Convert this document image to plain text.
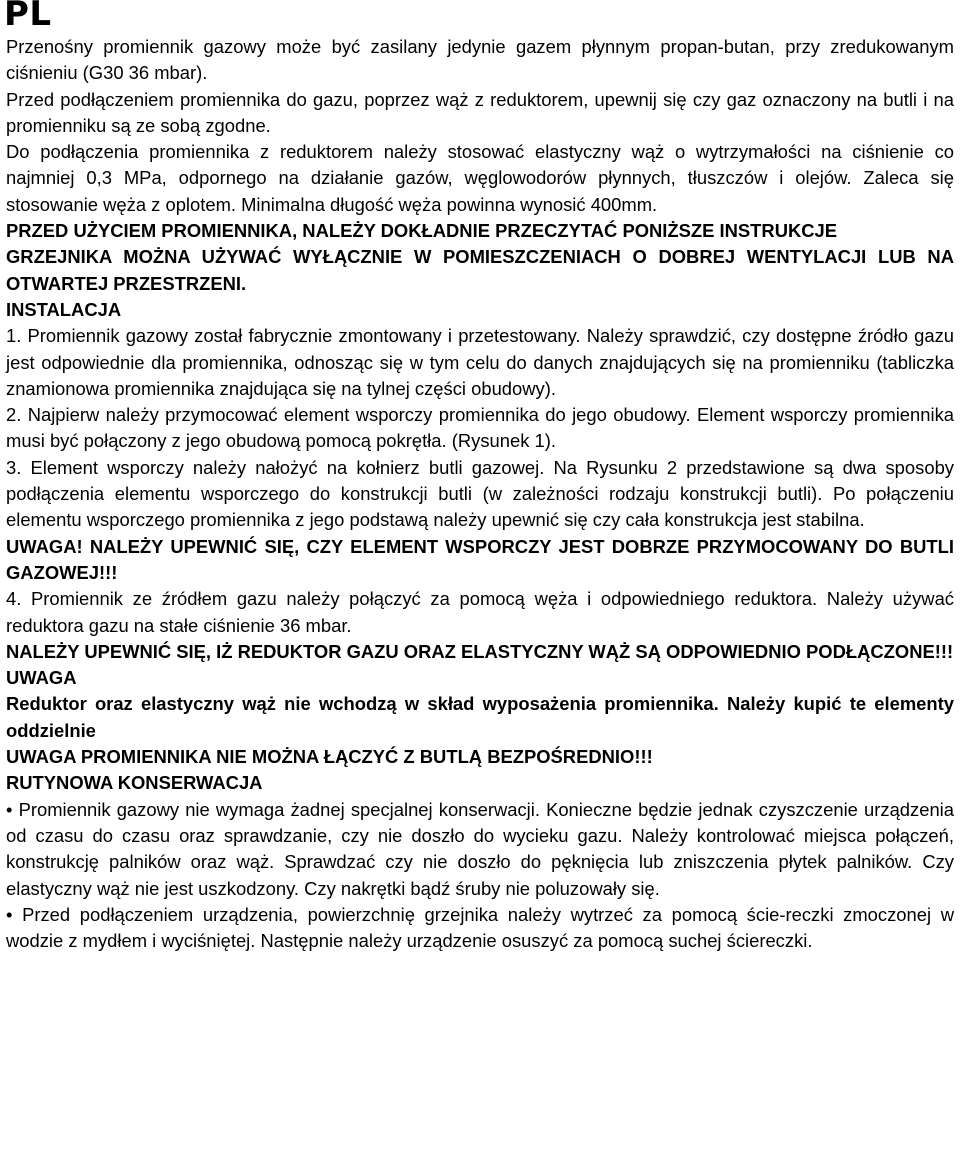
PL

Przenośny promiennik gazowy może być zasilany jedynie gazem płynnym propan-butan, przy zredukowanym ciśnieniu (G30 36 mbar).

Przed podłączeniem promiennika do gazu, poprzez wąż z reduktorem, upewnij się czy gaz oznaczony na butli i na promienniku są ze sobą zgodne.

Do podłączenia promiennika z reduktorem należy stosować elastyczny wąż o wytrzymałości na ciśnienie co najmniej 0,3 MPa, odpornego na działanie gazów, węglowodorów płynnych, tłuszczów i olejów. Zaleca się stosowanie węża z oplotem. Minimalna długość węża powinna wynosić 400mm.

PRZED UŻYCIEM PROMIENNIKA, NALEŻY DOKŁADNIE PRZECZYTAĆ PONIŻSZE INSTRUKCJE

GRZEJNIKA MOŻNA UŻYWAĆ WYŁĄCZNIE W POMIESZCZENIACH O DOBREJ WENTYLACJI LUB NA OTWARTEJ PRZESTRZENI.

INSTALACJA

1. Promiennik gazowy został fabrycznie zmontowany i przetestowany. Należy sprawdzić, czy dostępne źródło gazu jest odpowiednie dla promiennika, odnosząc się w tym celu do danych znajdujących się na promienniku (tabliczka znamionowa promiennika znajdująca się na tylnej części obudowy).

2. Najpierw należy przymocować element wsporczy promiennika do jego obudowy. Element wsporczy promiennika musi być połączony z jego obudową pomocą pokrętła. (Rysunek 1).

3. Element wsporczy należy nałożyć na kołnierz butli gazowej. Na Rysunku 2 przedstawione są dwa sposoby podłączenia elementu wsporczego do konstrukcji butli (w zależności rodzaju konstrukcji butli). Po połączeniu elementu wsporczego promiennika z jego podstawą należy upewnić się czy cała konstrukcja jest stabilna.

UWAGA! NALEŻY UPEWNIĆ SIĘ, CZY ELEMENT WSPORCZY JEST DOBRZE PRZYMOCOWANY DO BUTLI GAZOWEJ!!!

4. Promiennik ze źródłem gazu należy połączyć za pomocą węża i odpowiedniego reduktora. Należy używać reduktora gazu na stałe ciśnienie 36 mbar.

NALEŻY UPEWNIĆ SIĘ, IŻ REDUKTOR GAZU ORAZ ELASTYCZNY WĄŻ SĄ ODPOWIEDNIO PODŁĄCZONE!!!

UWAGA

Reduktor oraz elastyczny wąż nie wchodzą w skład wyposażenia promiennika. Należy kupić te elementy oddzielnie

UWAGA PROMIENNIKA NIE MOŻNA ŁĄCZYĆ Z BUTLĄ BEZPOŚREDNIO!!!

RUTYNOWA KONSERWACJA

• Promiennik gazowy nie wymaga żadnej specjalnej konserwacji. Konieczne będzie jednak czyszczenie urządzenia od czasu do czasu oraz sprawdzanie, czy nie doszło do wycieku gazu. Należy kontrolować miejsca połączeń, konstrukcję palników oraz wąż. Sprawdzać czy nie doszło do pęknięcia lub zniszczenia płytek palników. Czy elastyczny wąż nie jest uszkodzony. Czy nakrętki bądź śruby nie poluzowały się.

• Przed podłączeniem urządzenia, powierzchnię grzejnika należy wytrzeć za pomocą ście-reczki zmoczonej w wodzie z mydłem i wyciśniętej. Następnie należy urządzenie osuszyć za pomocą suchej ściereczki.
